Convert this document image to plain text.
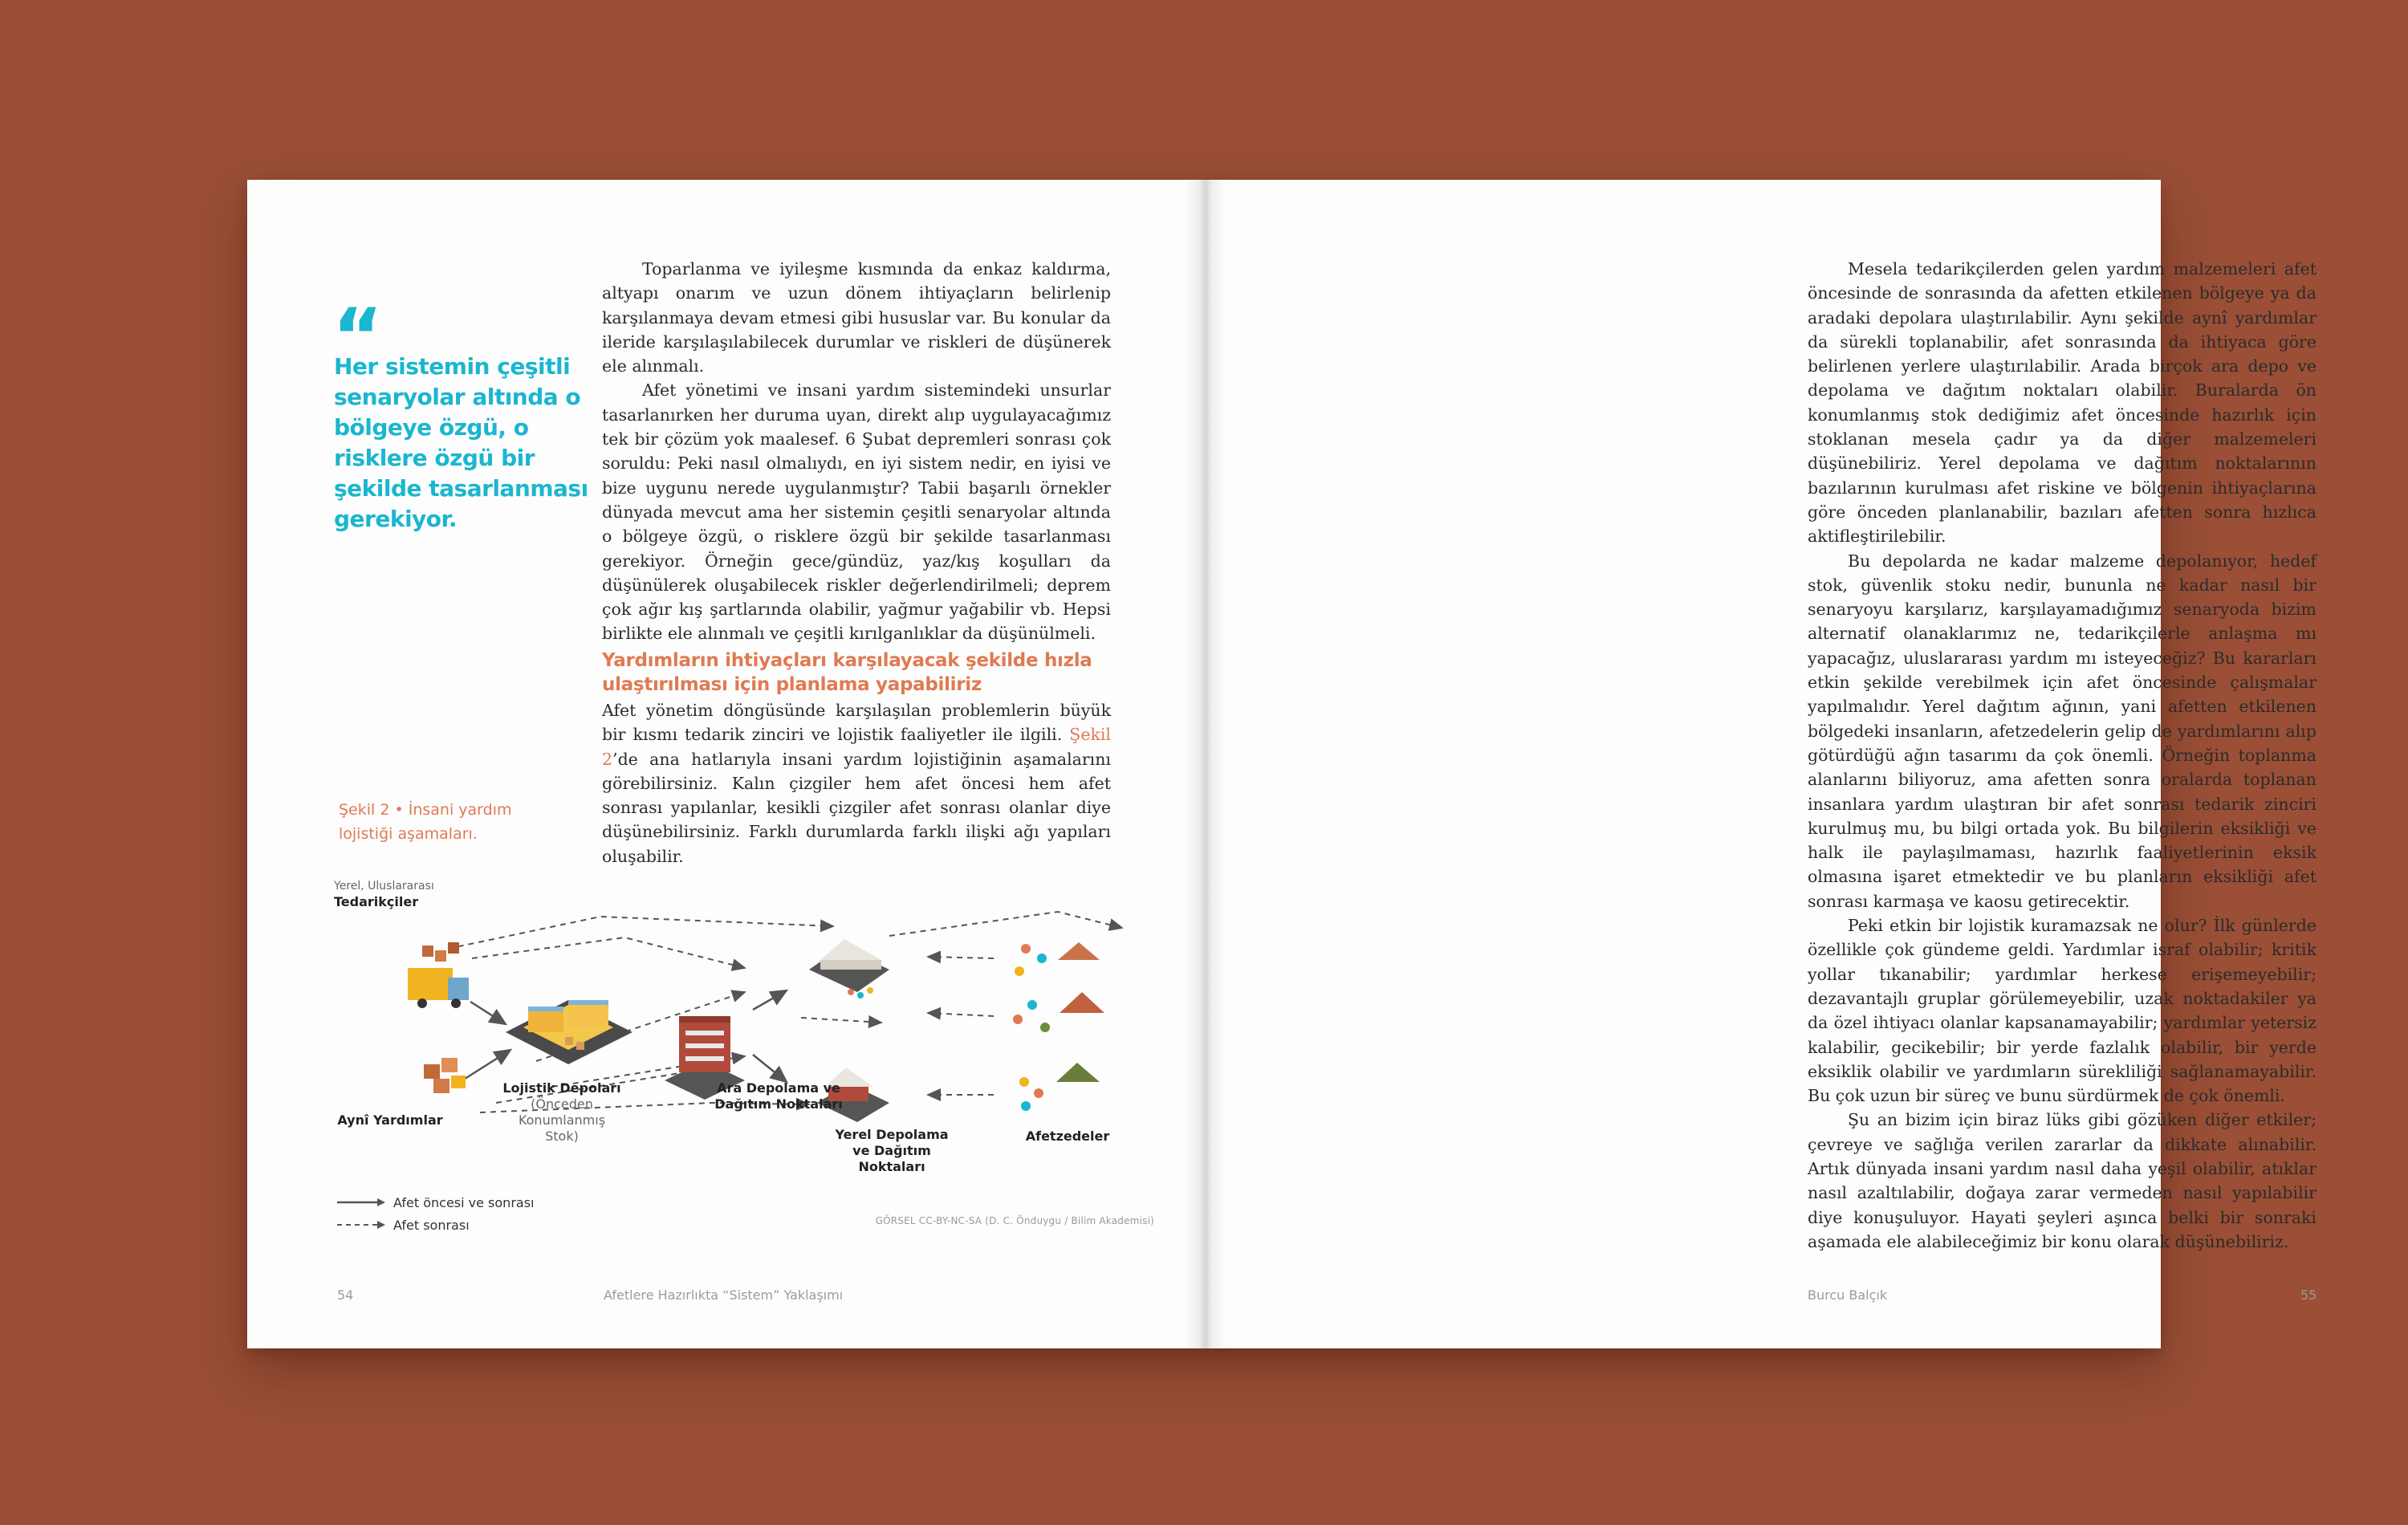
“
Her sistemin çeşitli senaryolar altında o bölgeye özgü, o risklere özgü bir şekilde tasarlanması gerekiyor.

Toparlanma ve iyileşme kısmında da enkaz kaldırma, altyapı onarım ve uzun dönem ihtiyaçların belirlenip karşılanmaya devam etmesi gibi hususlar var. Bu konular da ileride karşılaşılabilecek durumlar ve riskleri de düşünerek ele alınmalı.

Afet yönetimi ve insani yardım sistemindeki unsurlar tasarlanırken her duruma uyan, direkt alıp uygulayacağımız tek bir çözüm yok maalesef. 6 Şubat depremleri sonrası çok soruldu: Peki nasıl olmalıydı, en iyi sistem nedir, en iyisi ve bize uygunu nerede uygulanmıştır? Tabii başarılı örnekler dünyada mevcut ama her sistemin çeşitli senaryolar altında o bölgeye özgü, o risklere özgü bir şekilde tasarlanması gerekiyor. Örneğin gece/gündüz, yaz/kış koşulları da düşünülerek oluşabilecek riskler değerlendirilmeli; deprem çok ağır kış şartlarında olabilir, yağmur yağabilir vb. Hepsi birlikte ele alınmalı ve çeşitli kırılganlıklar da düşünülmeli.

Yardımların ihtiyaçları karşılayacak şekilde hızla ulaştırılması için planlama yapabiliriz

Afet yönetim döngüsünde karşılaşılan problemlerin büyük bir kısmı tedarik zinciri ve lojistik faaliyetler ile ilgili. Şekil 2’de ana hatlarıyla insani yardım lojistiğinin aşamalarını görebilirsiniz. Kalın çizgiler hem afet öncesi hem afet sonrası yapılanlar, kesikli çizgiler afet sonrası olanlar diye düşünebilirsiniz. Farklı durumlarda farklı ilişki ağı yapıları oluşabilir.

Şekil 2 • İnsani yardım lojistiği aşamaları.
Yerel, Uluslararası
Tedarikçiler
Aynî Yardımlar
Lojistik Depoları
(Önceden Konumlanmış Stok)
Ara Depolama ve Dağıtım Noktaları
Yerel Depolama ve Dağıtım Noktaları
Afetzedeler
Afet öncesi ve sonrası
Afet sonrası	GÖRSEL CC-BY-NC-SA (D. C. Önduygu / Bilim Akademisi)
54	Afetlere Hazırlıkta “Sistem” Yaklaşımı

Mesela tedarikçilerden gelen yardım malzemeleri afet öncesinde de sonrasında da afetten etkilenen bölgeye ya da aradaki depolara ulaştırılabilir. Aynı şekilde aynî yardımlar da sürekli toplanabilir, afet sonrasında da ihtiyaca göre belirlenen yerlere ulaştırılabilir. Arada birçok ara depo ve depolama ve dağıtım noktaları olabilir. Buralarda ön konumlanmış stok dediğimiz afet öncesinde hazırlık için stoklanan mesela çadır ya da diğer malzemeleri düşünebiliriz. Yerel depolama ve dağıtım noktalarının bazılarının kurulması afet riskine ve bölgenin ihtiyaçlarına göre önceden planlanabilir, bazıları afetten sonra hızlıca aktifleştirilebilir.

Bu depolarda ne kadar malzeme depolanıyor, hedef stok, güvenlik stoku nedir, bununla ne kadar nasıl bir senaryoyu karşılarız, karşılayamadığımız senaryoda bizim alternatif olanaklarımız ne, tedarikçilerle anlaşma mı yapacağız, uluslararası yardım mı isteyeceğiz? Bu kararları etkin şekilde verebilmek için afet öncesinde çalışmalar yapılmalıdır. Yerel dağıtım ağının, yani afetten etkilenen bölgedeki insanların, afetzedelerin gelip de yardımlarını alıp götürdüğü ağın tasarımı da çok önemli. Örneğin toplanma alanlarını biliyoruz, ama afetten sonra oralarda toplanan insanlara yardım ulaştıran bir afet sonrası tedarik zinciri kurulmuş mu, bu bilgi ortada yok. Bu bilgilerin eksikliği ve halk ile paylaşılmaması, hazırlık faaliyetlerinin eksik olmasına işaret etmektedir ve bu planların eksikliği afet sonrası karmaşa ve kaosu getirecektir.

Peki etkin bir lojistik kuramazsak ne olur? İlk günlerde özellikle çok gündeme geldi. Yardımlar israf olabilir; kritik yollar tıkanabilir; yardımlar herkese erişemeyebilir; dezavantajlı gruplar görülemeyebilir, uzak noktadakiler ya da özel ihtiyacı olanlar kapsanamayabilir; yardımlar yetersiz kalabilir, gecikebilir; bir yerde fazlalık olabilir, bir yerde eksiklik olabilir ve yardımların sürekliliği sağlanamayabilir. Bu çok uzun bir süreç ve bunu sürdürmek de çok önemli.

Şu an bizim için biraz lüks gibi gözüken diğer etkiler; çevreye ve sağlığa verilen zararlar da dikkate alınabilir. Artık dünyada insani yardım nasıl daha yeşil olabilir, atıklar nasıl azaltılabilir, doğaya zarar vermeden nasıl yapılabilir diye konuşuluyor. Hayati şeyleri aşınca belki bir sonraki aşamada ele alabileceğimiz bir konu olarak düşünebiliriz.

Burcu Balçık	55
